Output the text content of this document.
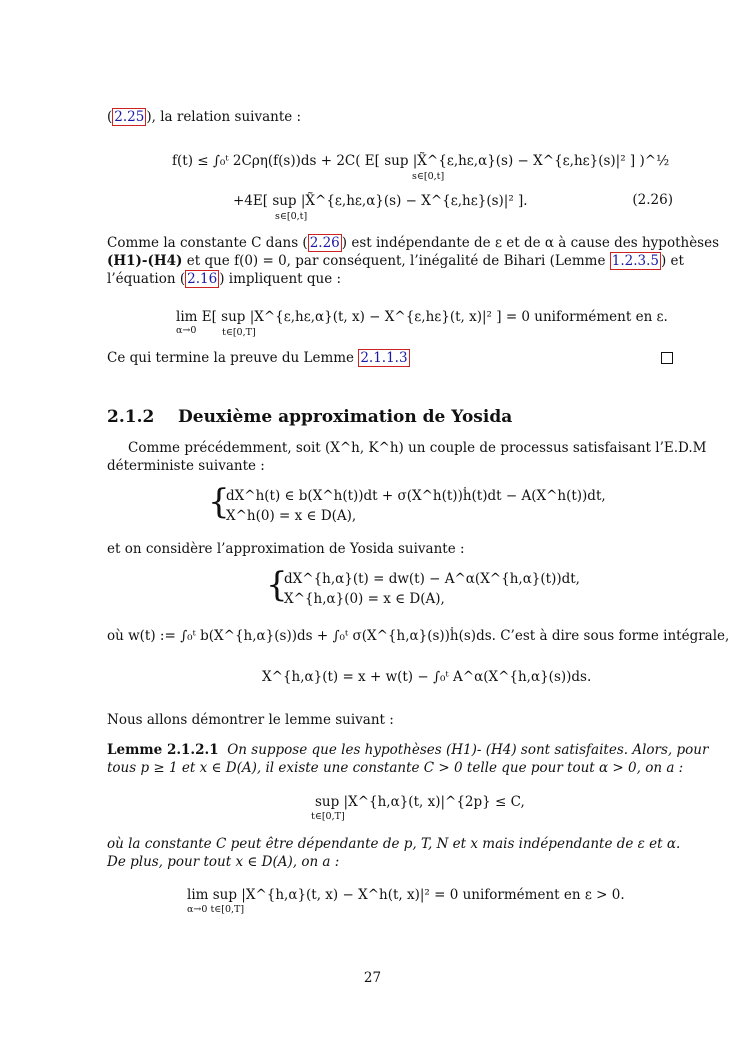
( 2.25 ), la relation suivante :
f(t) ≤ ∫₀ᵗ 2Cρη(f(s))ds + 2C( E[ sup |X̃^{ε,hε,α}(s) − X^{ε,hε}(s)|² ] )^½
s∈[0,t]
+4E[ sup |X̃^{ε,hε,α}(s) − X^{ε,hε}(s)|² ].
s∈[0,t]
(2.26)
Comme la constante C dans ( 2.26 ) est indépendante de ε et de α à cause des hypothèses
(H1)-(H4) et que f(0) = 0, par conséquent, l’inégalité de Bihari (Lemme 1.2.3.5 ) et
l’équation ( 2.16 ) impliquent que :
lim E[ sup |X^{ε,hε,α}(t, x) − X^{ε,hε}(t, x)|² ] = 0 uniformément en ε.
α→0	t∈[0,T]
Ce qui termine la preuve du Lemme 2.1.1.3
2.1.2 Deuxième approximation de Yosida
Comme précédemment, soit (X^h, K^h) un couple de processus satisfaisant l’E.D.M
déterministe suivante :
{
dX^h(t) ∈ b(X^h(t))dt + σ(X^h(t))ḣ(t)dt − A(X^h(t))dt,
X^h(0) = x ∈ D(A),
et on considère l’approximation de Yosida suivante :
{
dX^{h,α}(t) = dw(t) − A^α(X^{h,α}(t))dt,
X^{h,α}(0) = x ∈ D(A),
où w(t) := ∫₀ᵗ b(X^{h,α}(s))ds + ∫₀ᵗ σ(X^{h,α}(s))ḣ(s)ds. C’est à dire sous forme intégrale,
X^{h,α}(t) = x + w(t) − ∫₀ᵗ A^α(X^{h,α}(s))ds.
Nous allons démontrer le lemme suivant :
Lemme 2.1.2.1 On suppose que les hypothèses (H1)- (H4) sont satisfaites. Alors, pour
tous p ≥ 1 et x ∈ D(A), il existe une constante C > 0 telle que pour tout α > 0, on a :
sup |X^{h,α}(t, x)|^{2p} ≤ C,
t∈[0,T]
où la constante C peut être dépendante de p, T, N et x mais indépendante de ε et α.
De plus, pour tout x ∈ D(A), on a :
lim sup |X^{h,α}(t, x) − X^h(t, x)|² = 0 uniformément en ε > 0.
α→0 t∈[0,T]
27
